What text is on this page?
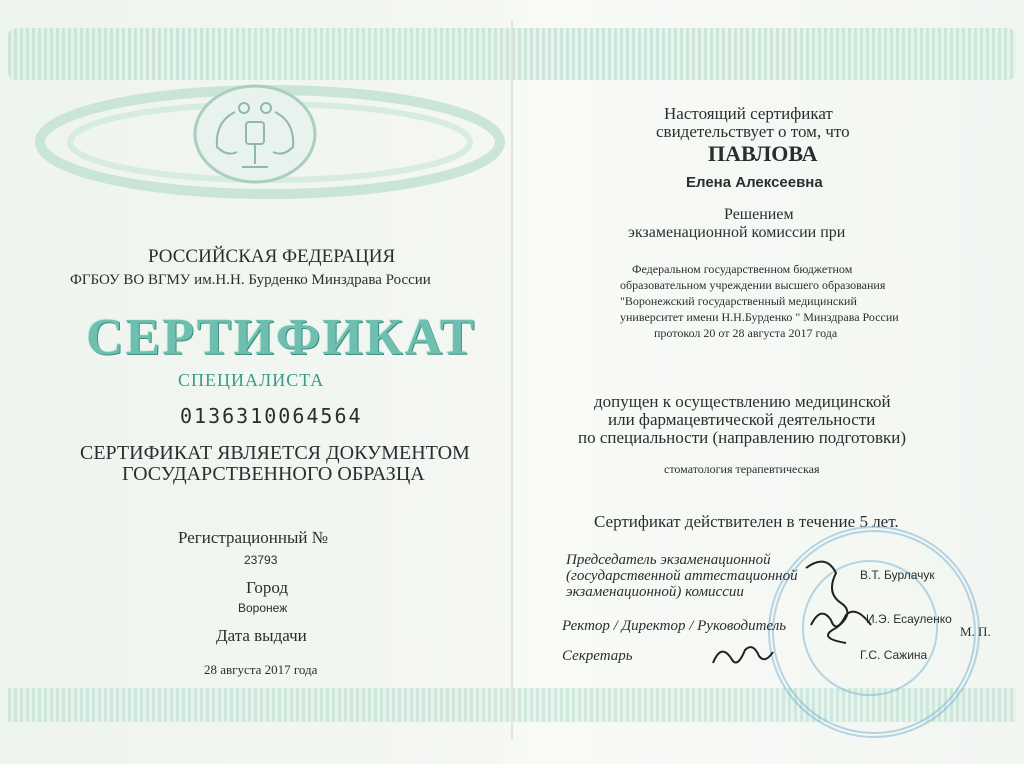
РОССИЙСКАЯ ФЕДЕРАЦИЯ
ФГБОУ ВО ВГМУ им.Н.Н. Бурденко Минздрава России
СЕРТИФИКАТ
СПЕЦИАЛИСТА
0136310064564
СЕРТИФИКАТ ЯВЛЯЕТСЯ ДОКУМЕНТОМ
ГОСУДАРСТВЕННОГО ОБРАЗЦА
Регистрационный №
23793
Город
Воронеж
Дата выдачи
28 августа 2017 года
Настоящий сертификат
свидетельствует о том, что
ПАВЛОВА
Елена Алексеевна
Решением
экзаменационной комиссии при
Федеральном государственном бюджетном
образовательном учреждении высшего образования
"Воронежский государственный медицинский
университет имени Н.Н.Бурденко " Минздрава России
протокол 20 от 28 августа 2017 года
допущен к осуществлению медицинской
или фармацевтической деятельности
по специальности (направлению подготовки)
стоматология терапевтическая
Сертификат действителен в течение 5 лет.
Председатель экзаменационной
(государственной аттестационной
экзаменационной) комиссии
В.Т. Бурлачук
Ректор / Директор / Руководитель	И.Э. Есауленко
М. П.
Секретарь	Г.С. Сажина
